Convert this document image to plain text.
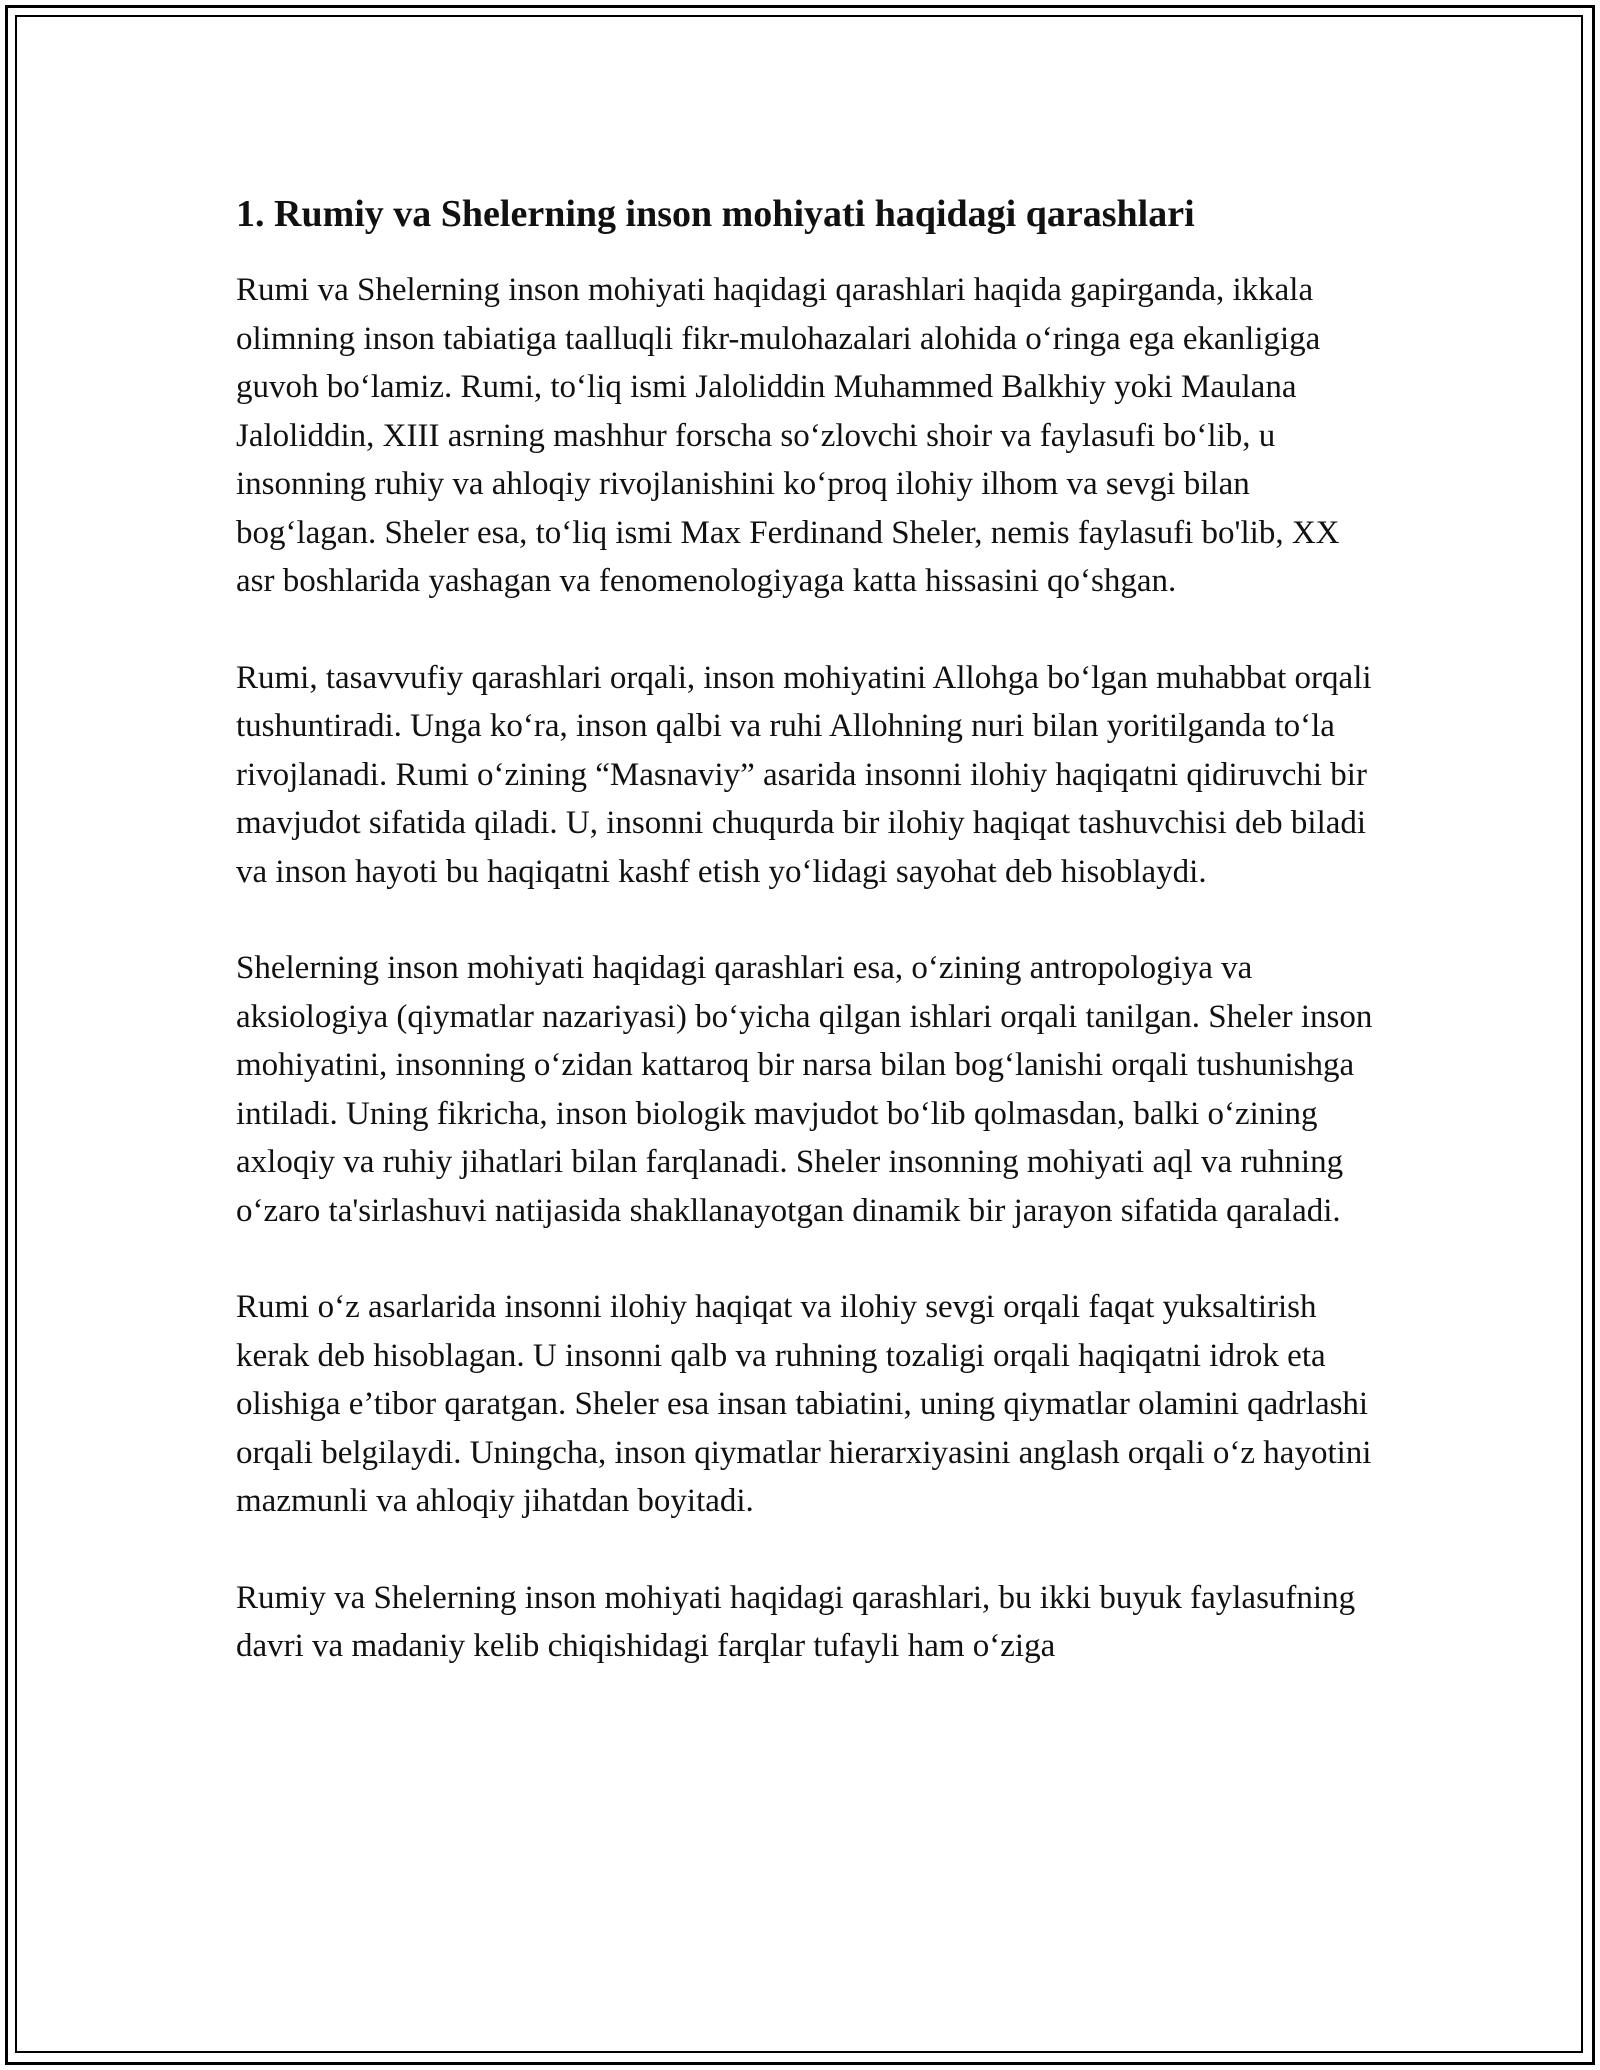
1. Rumiy va Shelerning inson mohiyati haqidagi qarashlari

Rumi va Shelerning inson mohiyati haqidagi qarashlari haqida gapirganda, ikkala olimning inson tabiatiga taalluqli fikr-mulohazalari alohida o‘ringa ega ekanligiga guvoh bo‘lamiz. Rumi, to‘liq ismi Jaloliddin Muhammed Balkhiy yoki Maulana Jaloliddin, XIII asrning mashhur forscha so‘zlovchi shoir va faylasufi bo‘lib, u insonning ruhiy va ahloqiy rivojlanishini ko‘proq ilohiy ilhom va sevgi bilan bog‘lagan. Sheler esa, to‘liq ismi Max Ferdinand Sheler, nemis faylasufi bo'lib, XX asr boshlarida yashagan va fenomenologiyaga katta hissasini qo‘shgan.

Rumi, tasavvufiy qarashlari orqali, inson mohiyatini Allohga bo‘lgan muhabbat orqali tushuntiradi. Unga ko‘ra, inson qalbi va ruhi Allohning nuri bilan yoritilganda to‘la rivojlanadi. Rumi o‘zining “Masnaviy” asarida insonni ilohiy haqiqatni qidiruvchi bir mavjudot sifatida qiladi. U, insonni chuqurda bir ilohiy haqiqat tashuvchisi deb biladi va inson hayoti bu haqiqatni kashf etish yo‘lidagi sayohat deb hisoblaydi.

Shelerning inson mohiyati haqidagi qarashlari esa, o‘zining antropologiya va aksiologiya (qiymatlar nazariyasi) bo‘yicha qilgan ishlari orqali tanilgan. Sheler inson mohiyatini, insonning o‘zidan kattaroq bir narsa bilan bog‘lanishi orqali tushunishga intiladi. Uning fikricha, inson biologik mavjudot bo‘lib qolmasdan, balki o‘zining axloqiy va ruhiy jihatlari bilan farqlanadi. Sheler insonning mohiyati aql va ruhning o‘zaro ta'sirlashuvi natijasida shakllanayotgan dinamik bir jarayon sifatida qaraladi.

Rumi o‘z asarlarida insonni ilohiy haqiqat va ilohiy sevgi orqali faqat yuksaltirish kerak deb hisoblagan. U insonni qalb va ruhning tozaligi orqali haqiqatni idrok eta olishiga e’tibor qaratgan. Sheler esa insan tabiatini, uning qiymatlar olamini qadrlashi orqali belgilaydi. Uningcha, inson qiymatlar hierarxiyasini anglash orqali o‘z hayotini mazmunli va ahloqiy jihatdan boyitadi.

Rumiy va Shelerning inson mohiyati haqidagi qarashlari, bu ikki buyuk faylasufning davri va madaniy kelib chiqishidagi farqlar tufayli ham o‘ziga
